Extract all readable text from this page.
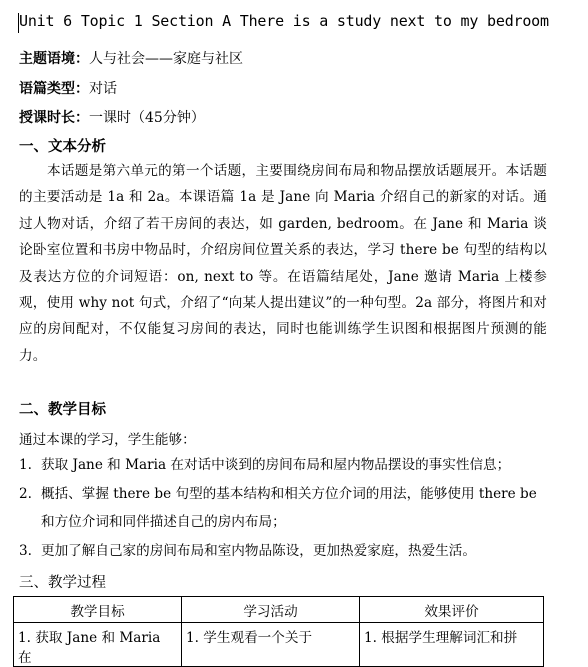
Unit 6 Topic 1 Section A There is a study next to my bedroom
主题语境：人与社会——家庭与社区
语篇类型：对话
授课时长：一课时（45分钟）
一、文本分析
本话题是第六单元的第一个话题，主要围绕房间布局和物品摆放话题展开。本话题的主要活动是 1a 和 2a。本课语篇 1a 是 Jane 向 Maria 介绍自己的新家的对话。通过人物对话，介绍了若干房间的表达，如 garden, bedroom。在 Jane 和 Maria 谈论卧室位置和书房中物品时，介绍房间位置关系的表达，学习 there be 句型的结构以及表达方位的介词短语：on, next to 等。在语篇结尾处，Jane 邀请 Maria 上楼参观，使用 why not 句式，介绍了“向某人提出建议”的一种句型。2a 部分，将图片和对应的房间配对，不仅能复习房间的表达，同时也能训练学生识图和根据图片预测的能力。
二、教学目标
通过本课的学习，学生能够：
1. 获取 Jane 和 Maria 在对话中谈到的房间布局和屋内物品摆设的事实性信息；
2. 概括、掌握 there be 句型的基本结构和相关方位介词的用法，能够使用 there be 和方位介词和同伴描述自己的房内布局；
3. 更加了解自己家的房间布局和室内物品陈设，更加热爱家庭，热爱生活。
三、教学过程
教学目标	学习活动	效果评价
1. 获取 Jane 和 Maria 在	1. 学生观看一个关于	1. 根据学生理解词汇和拼
